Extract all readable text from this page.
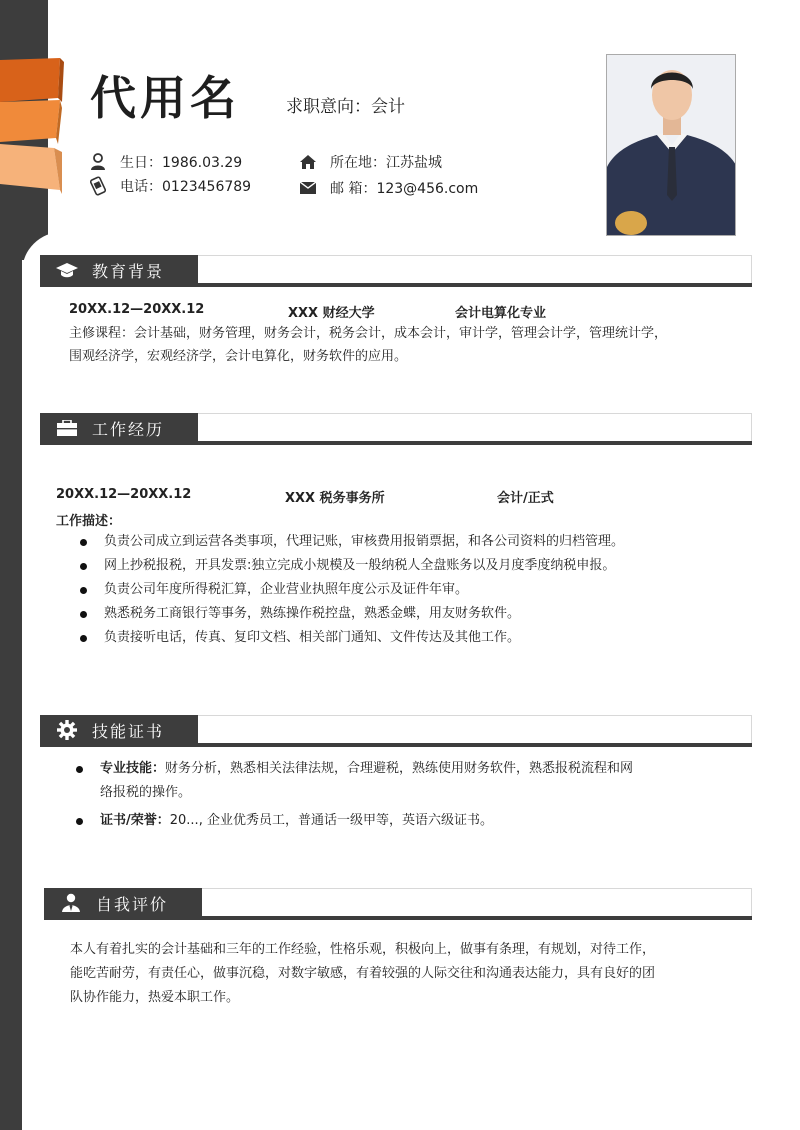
代用名	求职意向：会计
生日：1986.03.29
电话：0123456789
所在地：江苏盐城
邮 箱：123@456.com
教育背景
20XX.12—20XX.12	XXX 财经大学	会计电算化专业
主修课程：会计基础，财务管理，财务会计，税务会计，成本会计，审计学，管理会计学，管理统计学，
围观经济学，宏观经济学，会计电算化，财务软件的应用。
工作经历
20XX.12—20XX.12	XXX 税务事务所	会计/正式
工作描述：
负责公司成立到运营各类事项，代理记账，审核费用报销票据，和各公司资料的归档管理。
网上抄税报税，开具发票:独立完成小规模及一般纳税人全盘账务以及月度季度纳税申报。
负责公司年度所得税汇算，企业营业执照年度公示及证件年审。
熟悉税务工商银行等事务，熟练操作税控盘，熟悉金蝶，用友财务软件。
负责接听电话，传真、复印文档、相关部门通知、文件传达及其他工作。
技能证书
专业技能：财务分析，熟悉相关法律法规，合理避税，熟练使用财务软件，熟悉报税流程和网
络报税的操作。
证书/荣誉：20..., 企业优秀员工，普通话一级甲等，英语六级证书。
自我评价
本人有着扎实的会计基础和三年的工作经验，性格乐观，积极向上，做事有条理，有规划，对待工作，
能吃苦耐劳，有责任心，做事沉稳，对数字敏感，有着较强的人际交往和沟通表达能力，具有良好的团
队协作能力，热爱本职工作。
